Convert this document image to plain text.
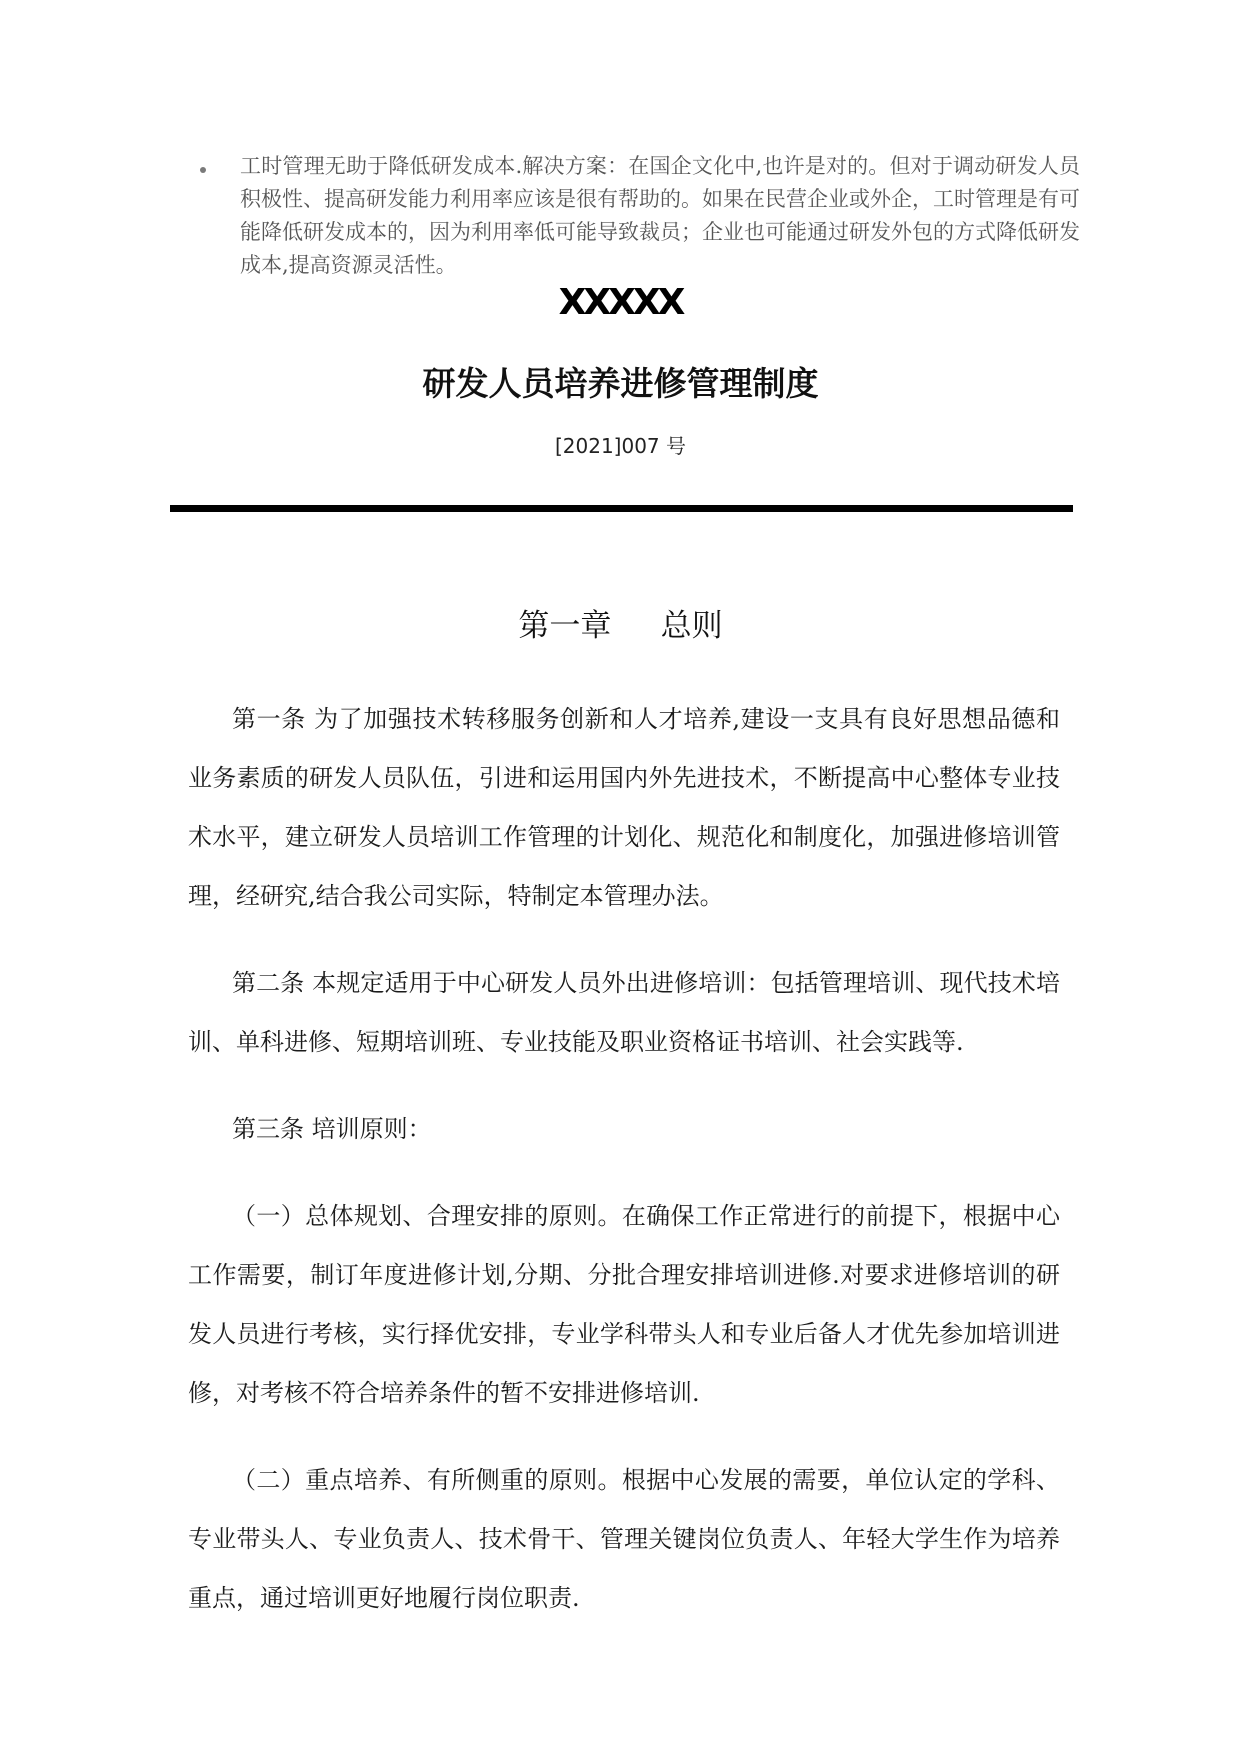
工时管理无助于降低研发成本.解决方案：在国企文化中,也许是对的。但对于调动研发人员积极性、提高研发能力利用率应该是很有帮助的。如果在民营企业或外企，工时管理是有可能降低研发成本的，因为利用率低可能导致裁员；企业也可能通过研发外包的方式降低研发成本,提高资源灵活性。
XXXXX
研发人员培养进修管理制度
[2021]007 号
第一章     总则

第一条 为了加强技术转移服务创新和人才培养,建设一支具有良好思想品德和业务素质的研发人员队伍，引进和运用国内外先进技术，不断提高中心整体专业技术水平，建立研发人员培训工作管理的计划化、规范化和制度化，加强进修培训管理，经研究,结合我公司实际，特制定本管理办法。

第二条 本规定适用于中心研发人员外出进修培训：包括管理培训、现代技术培训、单科进修、短期培训班、专业技能及职业资格证书培训、社会实践等.

第三条 培训原则：

（一）总体规划、合理安排的原则。在确保工作正常进行的前提下，根据中心工作需要，制订年度进修计划,分期、分批合理安排培训进修.对要求进修培训的研发人员进行考核，实行择优安排，专业学科带头人和专业后备人才优先参加培训进修，对考核不符合培养条件的暂不安排进修培训.

（二）重点培养、有所侧重的原则。根据中心发展的需要，单位认定的学科、专业带头人、专业负责人、技术骨干、管理关键岗位负责人、年轻大学生作为培养重点，通过培训更好地履行岗位职责.
